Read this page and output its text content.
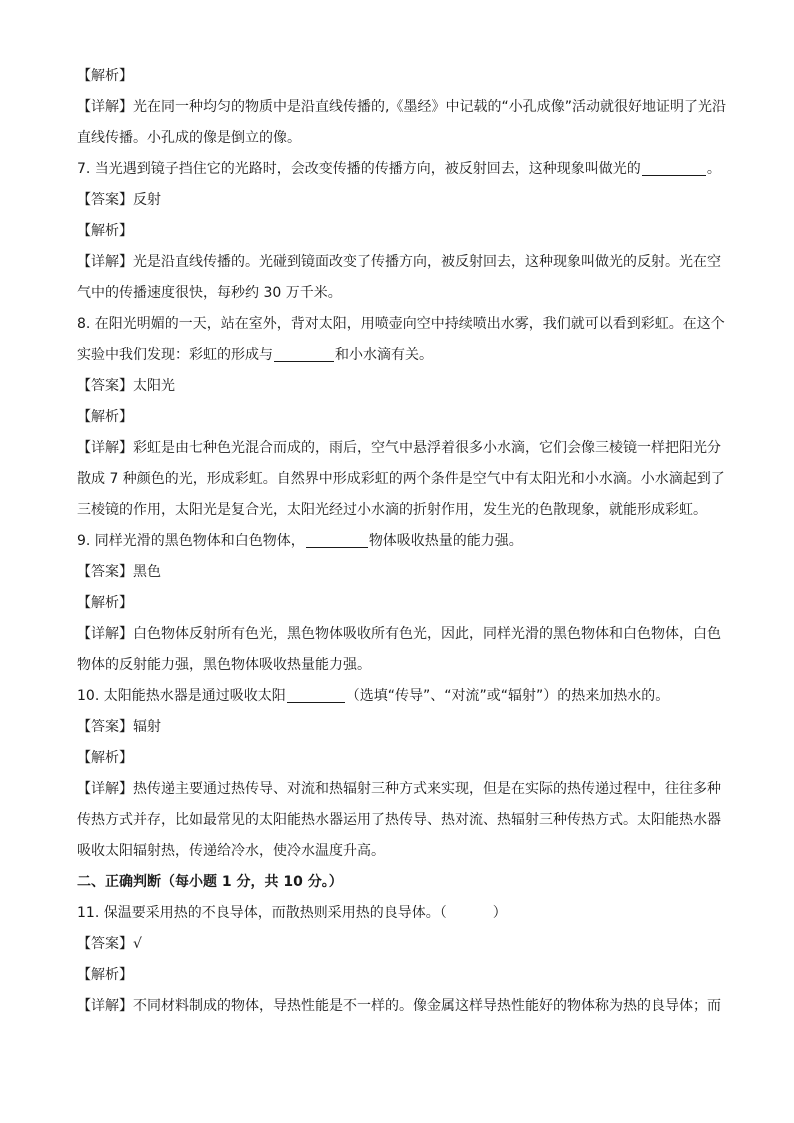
【解析】
【详解】光在同一种均匀的物质中是沿直线传播的,《墨经》中记载的“小孔成像”活动就很好地证明了光沿
直线传播。小孔成的像是倒立的像。
7. 当光遇到镜子挡住它的光路时，会改变传播的传播方向，被反射回去，这种现象叫做光的	。
【答案】反射
【解析】
【详解】光是沿直线传播的。光碰到镜面改变了传播方向，被反射回去，这种现象叫做光的反射。光在空
气中的传播速度很快，每秒约 30 万千米。
8. 在阳光明媚的一天，站在室外，背对太阳，用喷壶向空中持续喷出水雾，我们就可以看到彩虹。在这个
实验中我们发现：彩虹的形成与	和小水滴有关。
【答案】太阳光
【解析】
【详解】彩虹是由七种色光混合而成的，雨后，空气中悬浮着很多小水滴，它们会像三棱镜一样把阳光分
散成 7 种颜色的光，形成彩虹。自然界中形成彩虹的两个条件是空气中有太阳光和小水滴。小水滴起到了
三棱镜的作用，太阳光是复合光，太阳光经过小水滴的折射作用，发生光的色散现象，就能形成彩虹。
9. 同样光滑的黑色物体和白色物体，	物体吸收热量的能力强。
【答案】黑色
【解析】
【详解】白色物体反射所有色光，黑色物体吸收所有色光，因此，同样光滑的黑色物体和白色物体，白色
物体的反射能力强，黑色物体吸收热量能力强。
10. 太阳能热水器是通过吸收太阳	（选填“传导”、“对流”或“辐射”）的热来加热水的。
【答案】辐射
【解析】
【详解】热传递主要通过热传导、对流和热辐射三种方式来实现，但是在实际的热传递过程中，往往多种
传热方式并存，比如最常见的太阳能热水器运用了热传导、热对流、热辐射三种传热方式。太阳能热水器
吸收太阳辐射热，传递给冷水，使冷水温度升高。
二、正确判断（每小题 1 分，共 10 分。）
11. 保温要采用热的不良导体，而散热则采用热的良导体。（	）
【答案】√
【解析】
【详解】不同材料制成的物体，导热性能是不一样的。像金属这样导热性能好的物体称为热的良导体；而
